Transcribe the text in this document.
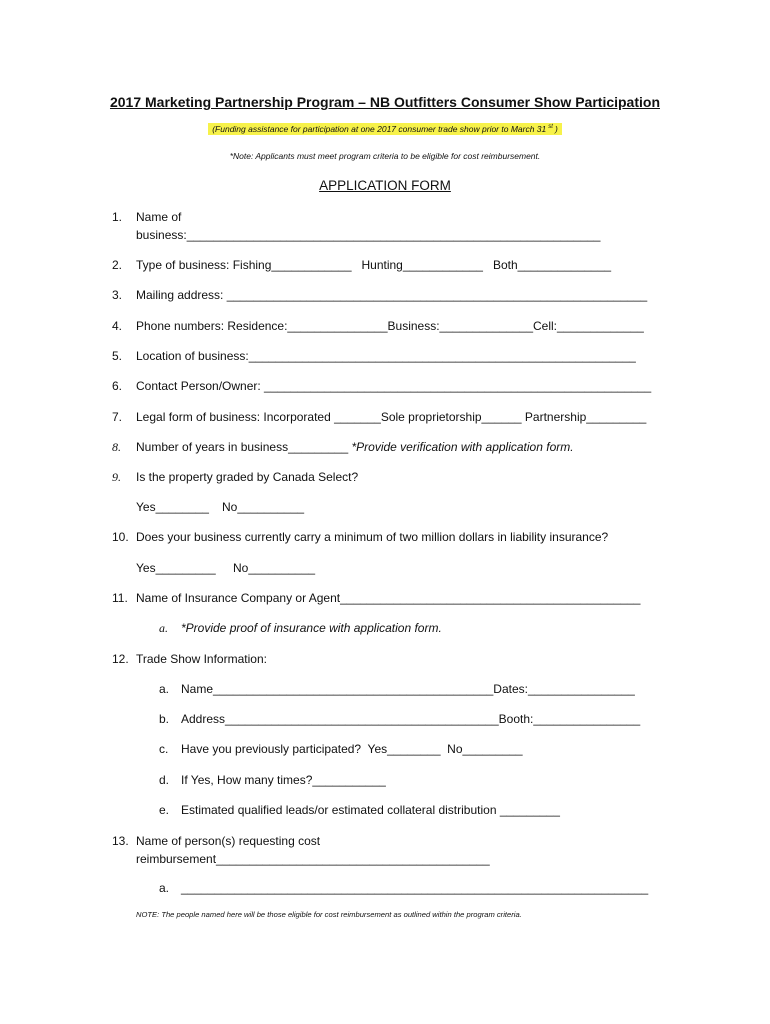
2017 Marketing Partnership Program – NB Outfitters Consumer Show Participation
(Funding assistance for participation at one 2017 consumer trade show prior to March 31 $^{st}$ )
*Note: Applicants must meet program criteria to be eligible for cost reimbursement.
APPLICATION FORM
1. Name of
business:______________________________________________________________
2. Type of business: Fishing____________   Hunting____________   Both______________
3. Mailing address: _______________________________________________________________
4. Phone numbers: Residence:_______________Business:______________Cell:_____________
5. Location of business:__________________________________________________________
6. Contact Person/Owner: __________________________________________________________
7. Legal form of business: Incorporated _______Sole proprietorship______ Partnership_________
8. Number of years in business_________ *Provide verification with application form.
9. Is the property graded by Canada Select?
Yes________ No__________
10. Does your business currently carry a minimum of two million dollars in liability insurance?
Yes_________ No__________
11. Name of Insurance Company or Agent_____________________________________________
a. *Provide proof of insurance with application form.
12. Trade Show Information:
a. Name__________________________________________Dates:________________
b. Address_________________________________________Booth:________________
c. Have you previously participated?  Yes________  No_________
d. If Yes, How many times?___________
e. Estimated qualified leads/or estimated collateral distribution _________
13. Name of person(s) requesting cost
reimbursement_________________________________________
a. ______________________________________________________________________
NOTE: The people named here will be those eligible for cost reimbursement as outlined within the program criteria.
